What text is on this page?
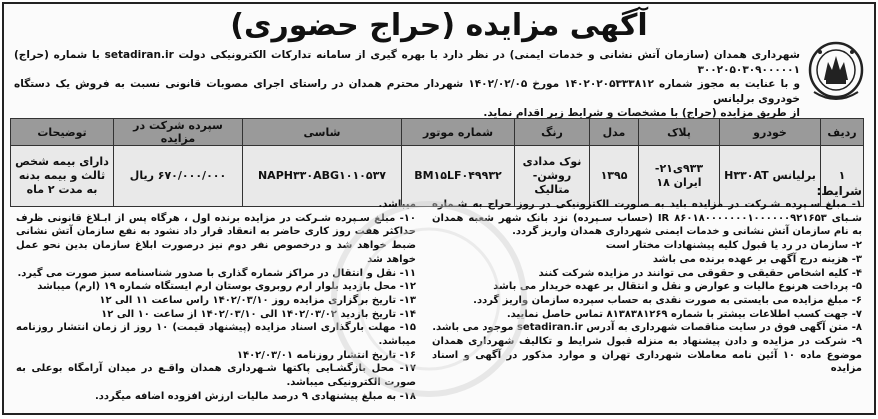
آگهی مزایده (حراج حضوری)

شهرداری همدان (سازمان آتش نشانی و خدمات ایمنی) در نظر دارد با بهره گیری از سامانه تدارکات الکترونیکی دولت setadiran.ir با شماره (حراج) ۳۰۰۲۰۵۰۳۰۹۰۰۰۰۰۱

و با عنایت به مجوز شماره ۱۴۰۲۰۲۰۵۳۳۳۸۱۲ مورخ ۱۴۰۲/۰۲/۰۵ شهردار محترم همدان در راستای اجرای مصوبات قانونی نسبت به فروش یک دستگاه خودروی برلیانس

از طریق مزایده (حراج) با مشخصات و شرایط زیر اقدام نماید.

ردیف	خودرو	پلاک	مدل	رنگ	شماره موتور	شاسی	سپرده شرکت در مزایده	توضیحات
۱	برلیانس H۳۳۰AT	۹۳۳ی۲۱- ایران ۱۸	۱۳۹۵	نوک مدادی روشن- متالیک	BM۱۵LF۰۴۹۹۳۲	NAPH۳۳۰ABG۱۰۱۰۵۳۷	۶۷۰/۰۰۰/۰۰۰ ریال	دارای بیمه شخص ثالث و بیمه بدنه به مدت ۲ ماه	شرایط:

۱- مبلغ سـپرده شـرکت در مزایده باید به صـورت الکترونیکی در روز حراج به شـماره شـبای IR ۸۶۰۱۸۰۰۰۰۰۰۰۱۰۰۰۰۰۰۹۲۱۶۵۳ (حساب سـپرده) نزد بانک شهر شعبه همدان به نام سازمان آتش نشانی و خدمات ایمنی شهرداری همدان واریز گردد.

۲- سازمان در رد یا قبول کلیه پیشنهادات مختار است

۳- هزینه درج آگهی بر عهده برنده می باشد

۴- کلیه اشخاص حقیقی و حقوقی می توانند در مزایده شرکت کنند

۵- پرداخت هرنوع مالیات و عوارض و نقل و انتقال بر عهده خریدار می باشد

۶- مبلغ مزایده می بایستی به صورت نقدی به حساب سپرده سازمان واریز گردد.

۷- جهت کسب اطلاعات بیشتر با شماره ۸۱۳۸۳۸۱۲۶۹ تماس حاصل نمایید.

۸- متن آگهی فوق در سایت مناقصات شهرداری به آدرس setadiran.ir موجود می باشد.

۹- شرکت در مزایده و دادن پیشنهاد به منزله قبول شرایط و تکالیف شهرداری همدان موضوع ماده ۱۰ آئین نامه معاملات شهرداری تهران و موارد مذکور در آگهی و اسناد مزایده

میباشد.

۱۰- مبلغ سـپرده شـرکت در مزایده برنده اول ، هرگاه پس از ابـلاغ قانونی ظرف حداکثر هفت روز کاری حاضر به انعقاد قرار داد نشود به نفع سازمان آتش نشانی ضبط خواهد شد و درخصوص نفر دوم نیز درصورت ابلاغ سازمان بدین نحو عمل خواهد شد

۱۱- نقل و انتقال در مراکز شماره گذاری با صدور شناسنامه سبز صورت می گیرد.

۱۲- محل بازدید بلوار ارم روبروی بوستان ارم ایستگاه شماره ۱۹ (ارم) میباشد

۱۳- تاریخ برگزاری مزایده روز ۱۴۰۲/۰۳/۱۰ راس ساعت ۱۱ الی ۱۲

۱۴- تاریخ بازدید ۱۴۰۲/۰۳/۰۲ الی ۱۴۰۲/۰۳/۱۰ از ساعت ۱۰ الی ۱۲

۱۵- مهلت بارگذاری اسناد مزایده (پیشنهاد قیمت) ۱۰ روز از زمان انتشار روزنامه میباشد.

۱۶- تاریخ انتشار روزنامه ۱۴۰۲/۰۳/۰۱

۱۷- محل بازگشـایی پاکتها شـهرداری همدان واقـع در میدان آرامگاه بوعلی به صورت الکترونیکی میباشد.

۱۸- به مبلغ پیشنهادی ۹ درصد مالیات ارزش افزوده اضافه میگردد.
